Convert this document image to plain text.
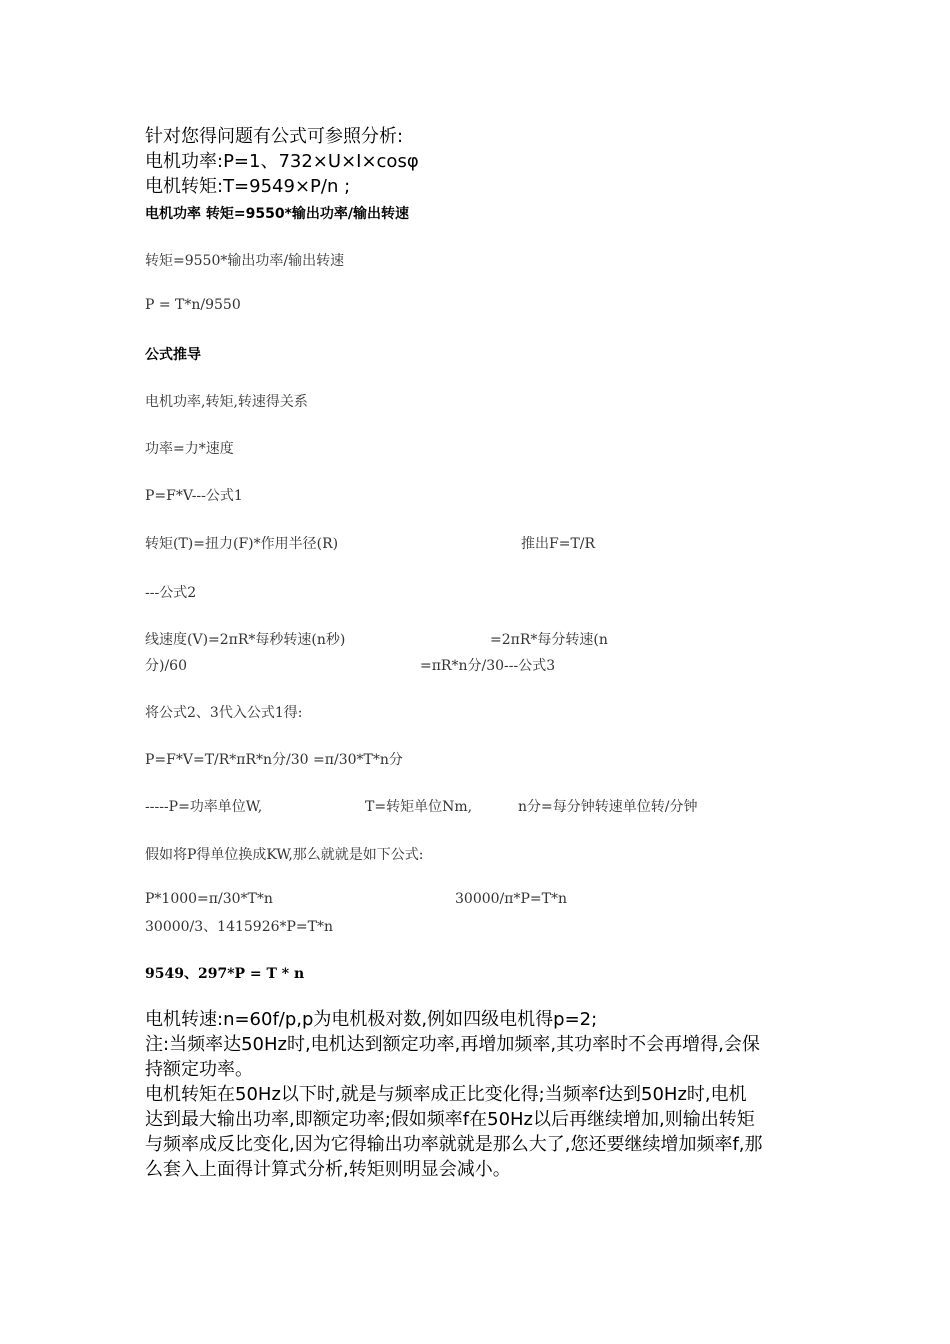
针对您得问题有公式可参照分析:
电机功率:P=1、732×U×I×cosφ
电机转矩:T=9549×P/n ;
电机功率 转矩=9550*输出功率/输出转速
转矩=9550*输出功率/输出转速
P = T*n/9550
公式推导
电机功率,转矩,转速得关系
功率=力*速度
P=F*V---公式1
转矩(T)=扭力(F)*作用半径(R)	推出F=T/R
---公式2
线速度(V)=2πR*每秒转速(n秒)	=2πR*每分转速(n
分)/60	=πR*n分/30---公式3
将公式2、3代入公式1得:
P=F*V=T/R*πR*n分/30 =π/30*T*n分
-----P=功率单位W,	T=转矩单位Nm,	n分=每分钟转速单位转/分钟
假如将P得单位换成KW,那么就就是如下公式:
P*1000=π/30*T*n	30000/π*P=T*n
30000/3、1415926*P=T*n
9549、297*P = T * n
电机转速:n=60f/p,p为电机极对数,例如四级电机得p=2;
注:当频率达50Hz时,电机达到额定功率,再增加频率,其功率时不会再增得,会保
持额定功率。
电机转矩在50Hz以下时,就是与频率成正比变化得;当频率f达到50Hz时,电机
达到最大输出功率,即额定功率;假如频率f在50Hz以后再继续增加,则输出转矩
与频率成反比变化,因为它得输出功率就就是那么大了,您还要继续增加频率f,那
么套入上面得计算式分析,转矩则明显会减小。
